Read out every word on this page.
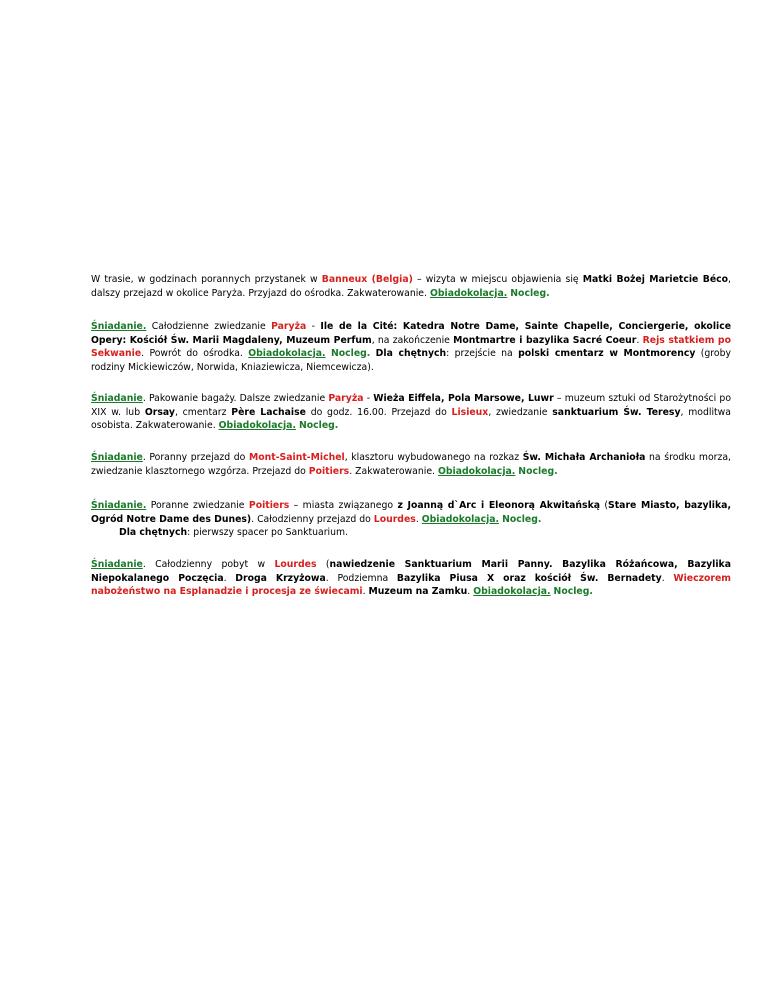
W trasie, w godzinach porannych przystanek w Banneux (Belgia) – wizyta w miejscu objawienia się Matki Bożej Marietcie Béco, dalszy przejazd w okolice Paryża. Przyjazd do ośrodka. Zakwaterowanie. Obiadokolacja. Nocleg.
Śniadanie. Całodzienne zwiedzanie Paryża - Ile de la Cité: Katedra Notre Dame, Sainte Chapelle, Conciergerie, okolice Opery: Kościół Św. Marii Magdaleny, Muzeum Perfum, na zakończenie Montmartre i bazylika Sacré Coeur. Rejs statkiem po Sekwanie. Powrót do ośrodka. Obiadokolacja. Nocleg. Dla chętnych: przejście na polski cmentarz w Montmorency (groby rodziny Mickiewiczów, Norwida, Kniaziewicza, Niemcewicza).
Śniadanie. Pakowanie bagaży. Dalsze zwiedzanie Paryża - Wieża Eiffela, Pola Marsowe, Luwr – muzeum sztuki od Starożytności po XIX w. lub Orsay, cmentarz Père Lachaise do godz. 16.00. Przejazd do Lisieux, zwiedzanie sanktuarium Św. Teresy, modlitwa osobista. Zakwaterowanie. Obiadokolacja. Nocleg.
Śniadanie. Poranny przejazd do Mont-Saint-Michel, klasztoru wybudowanego na rozkaz Św. Michała Archanioła na środku morza, zwiedzanie klasztornego wzgórza. Przejazd do Poitiers. Zakwaterowanie. Obiadokolacja. Nocleg.
Śniadanie. Poranne zwiedzanie Poitiers – miasta związanego z Joanną d`Arc i Eleonorą Akwitańską (Stare Miasto, bazylika, Ogród Notre Dame des Dunes). Całodzienny przejazd do Lourdes. Obiadokolacja. Nocleg.
Dla chętnych: pierwszy spacer po Sanktuarium.
Śniadanie. Całodzienny pobyt w Lourdes (nawiedzenie Sanktuarium Marii Panny. Bazylika Różańcowa, Bazylika Niepokalanego Poczęcia. Droga Krzyżowa. Podziemna Bazylika Piusa X oraz kościół Św. Bernadety. Wieczorem nabożeństwo na Esplanadzie i procesja ze świecami. Muzeum na Zamku. Obiadokolacja. Nocleg.
